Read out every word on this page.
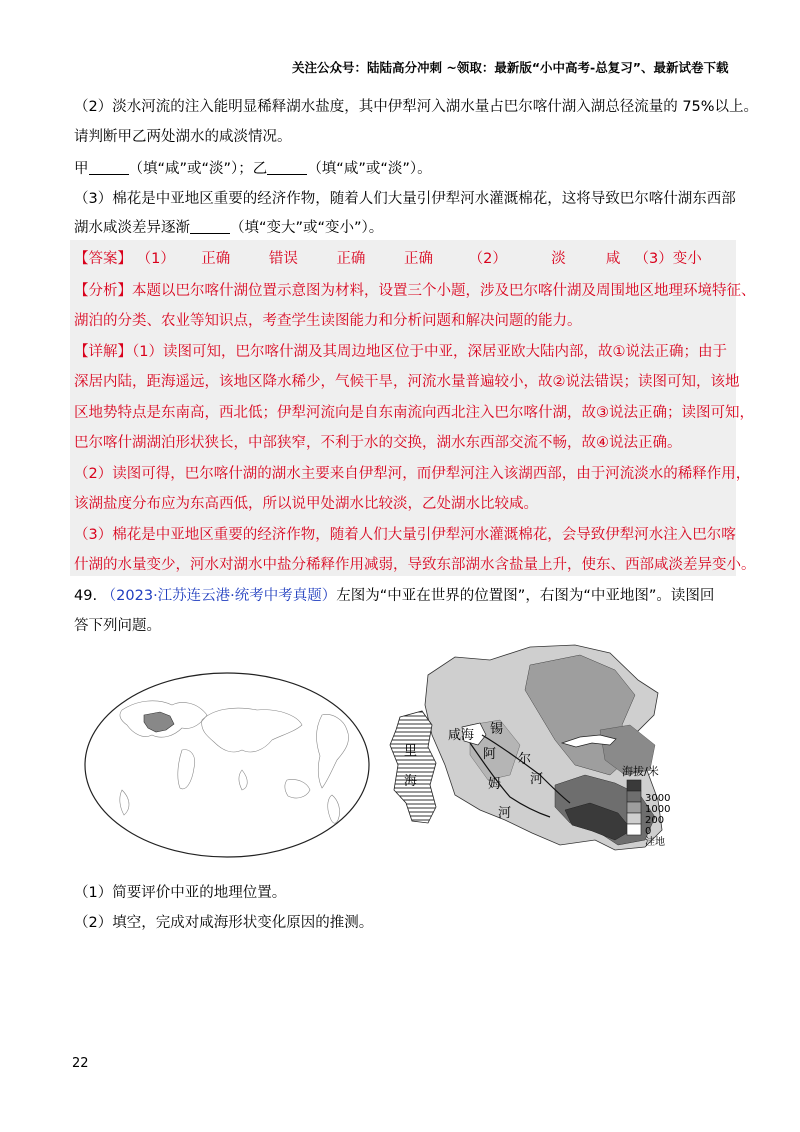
关注公众号：陆陆高分冲刺 ~领取：最新版“小中高考-总复习”、最新试卷下载
（2）淡水河流的注入能明显稀释湖水盐度，其中伊犁河入湖水量占巴尔喀什湖入湖总径流量的 75%以上。
请判断甲乙两处湖水的咸淡情况。
甲	（填“咸”或“淡”）；乙	（填“咸”或“淡”）。
（3）棉花是中亚地区重要的经济作物，随着人们大量引伊犁河水灌溉棉花，这将导致巴尔喀什湖东西部
湖水咸淡差异逐渐	（填“变大”或“变小”）。
【答案】 （1） 正确	错误	正确	正确 （2）	淡	咸 （3）变小
【分析】本题以巴尔喀什湖位置示意图为材料，设置三个小题，涉及巴尔喀什湖及周围地区地理环境特征、
湖泊的分类、农业等知识点，考查学生读图能力和分析问题和解决问题的能力。
【详解】（1）读图可知，巴尔喀什湖及其周边地区位于中亚，深居亚欧大陆内部，故①说法正确；由于
深居内陆，距海遥远，该地区降水稀少，气候干旱，河流水量普遍较小，故②说法错误；读图可知，该地
区地势特点是东南高，西北低；伊犁河流向是自东南流向西北注入巴尔喀什湖，故③说法正确；读图可知，
巴尔喀什湖湖泊形状狭长，中部狭窄，不利于水的交换，湖水东西部交流不畅，故④说法正确。
（2）读图可得，巴尔喀什湖的湖水主要来自伊犁河，而伊犁河注入该湖西部，由于河流淡水的稀释作用，
该湖盐度分布应为东高西低，所以说甲处湖水比较淡，乙处湖水比较咸。
（3）棉花是中亚地区重要的经济作物，随着人们大量引伊犁河水灌溉棉花，会导致伊犁河水注入巴尔喀
什湖的水量变少，河水对湖水中盐分稀释作用减弱，导致东部湖水含盐量上升，使东、西部咸淡差异变小。
49. （2023·江苏连云港·统考中考真题）左图为“中亚在世界的位置图”，右图为“中亚地图”。读图回
答下列问题。
里
海
咸海 锡
尔
阿
姆
河
河
海拔/米
3000
1000
200
0
洼地
（1）简要评价中亚的地理位置。
（2）填空，完成对咸海形状变化原因的推测。
22
